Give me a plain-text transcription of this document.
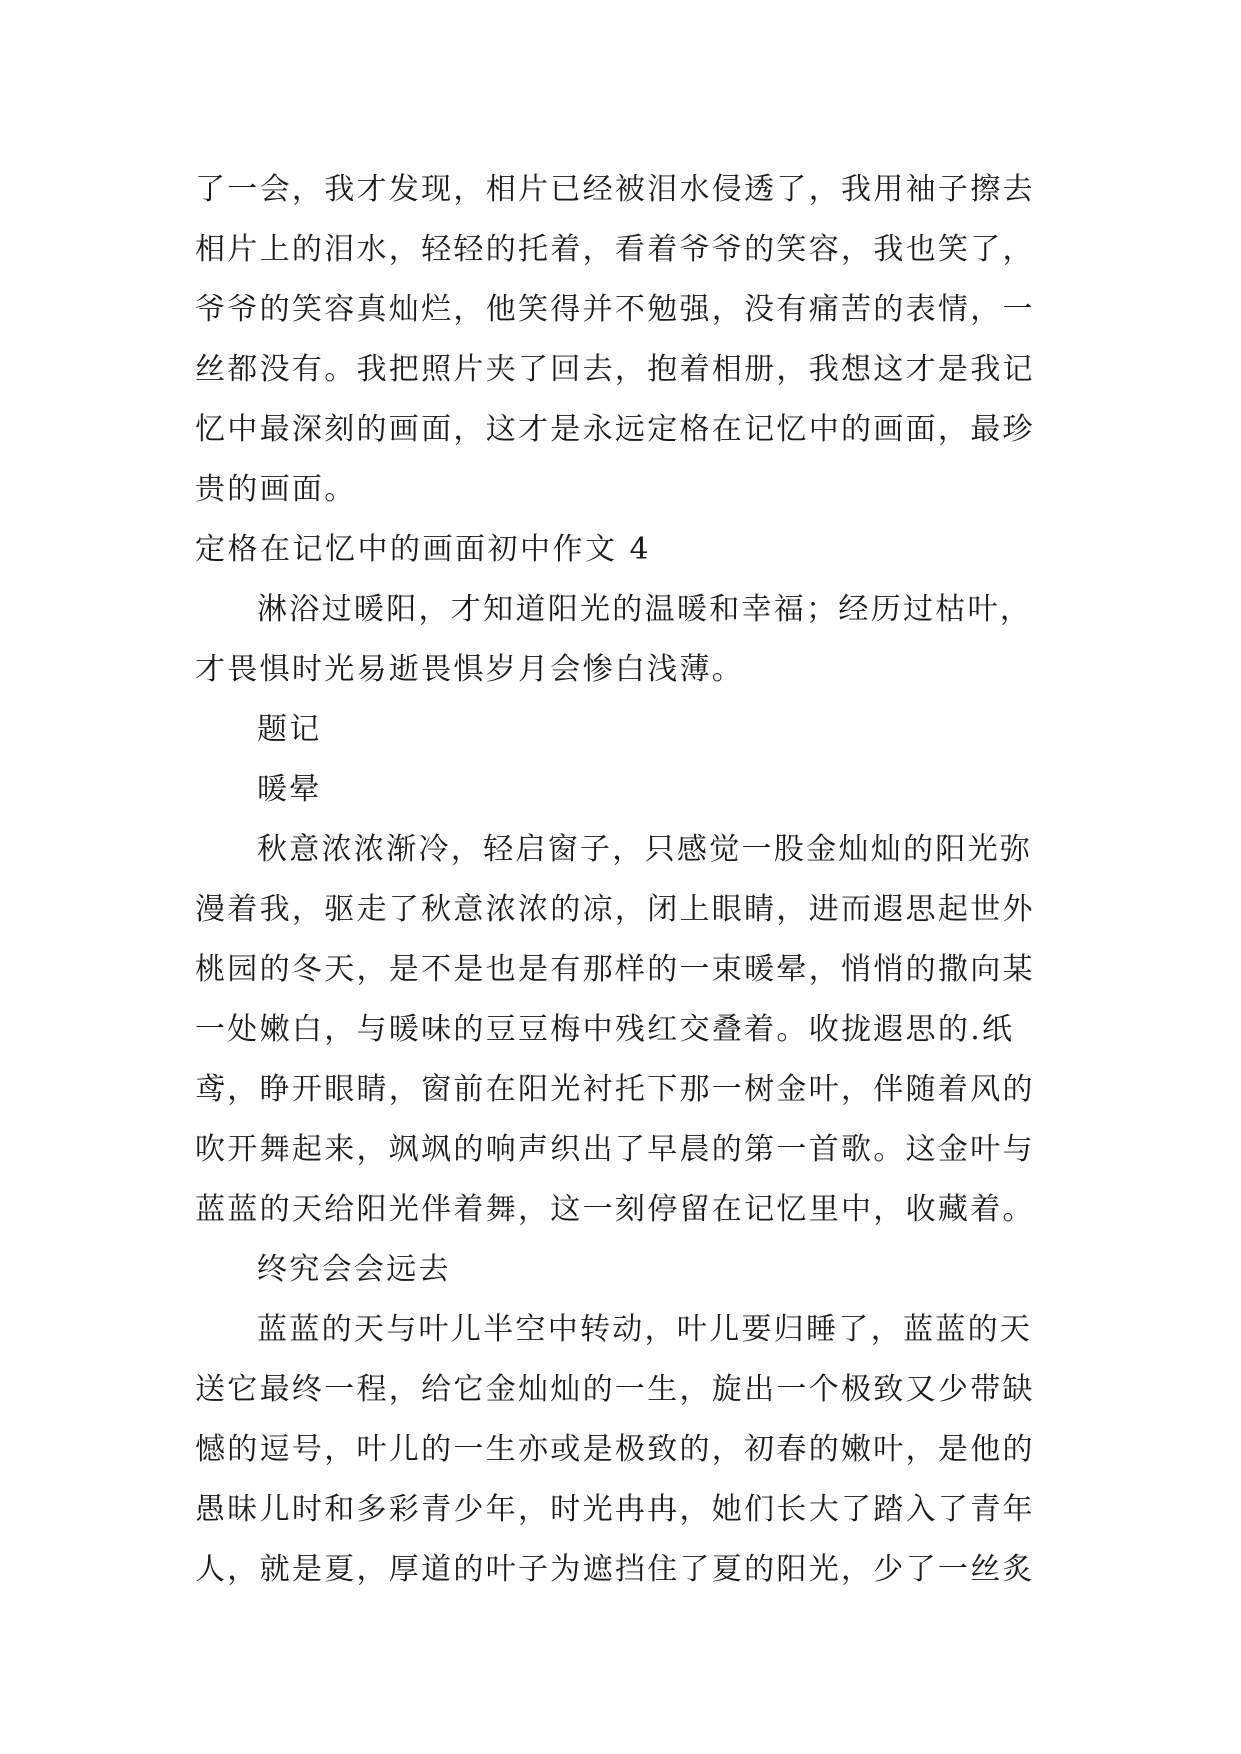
了一会，我才发现，相片已经被泪水侵透了，我用袖子擦去
相片上的泪水，轻轻的托着，看着爷爷的笑容，我也笑了，
爷爷的笑容真灿烂，他笑得并不勉强，没有痛苦的表情，一
丝都没有。我把照片夹了回去，抱着相册，我想这才是我记
忆中最深刻的画面，这才是永远定格在记忆中的画面，最珍
贵的画面。
定格在记忆中的画面初中作文 4
淋浴过暖阳，才知道阳光的温暖和幸福；经历过枯叶，
才畏惧时光易逝畏惧岁月会惨白浅薄。
题记
暖晕
秋意浓浓渐冷，轻启窗子，只感觉一股金灿灿的阳光弥
漫着我，驱走了秋意浓浓的凉，闭上眼睛，进而遐思起世外
桃园的冬天，是不是也是有那样的一束暖晕，悄悄的撒向某
一处嫩白，与暖味的豆豆梅中残红交叠着。收拢遐思的.纸
鸢，睁开眼睛，窗前在阳光衬托下那一树金叶，伴随着风的
吹开舞起来，飒飒的响声织出了早晨的第一首歌。这金叶与
蓝蓝的天给阳光伴着舞，这一刻停留在记忆里中，收藏着。
终究会会远去
蓝蓝的天与叶儿半空中转动，叶儿要归睡了，蓝蓝的天
送它最终一程，给它金灿灿的一生，旋出一个极致又少带缺
憾的逗号，叶儿的一生亦或是极致的，初春的嫩叶，是他的
愚昧儿时和多彩青少年，时光冉冉，她们长大了踏入了青年
人，就是夏，厚道的叶子为遮挡住了夏的阳光，少了一丝炙
